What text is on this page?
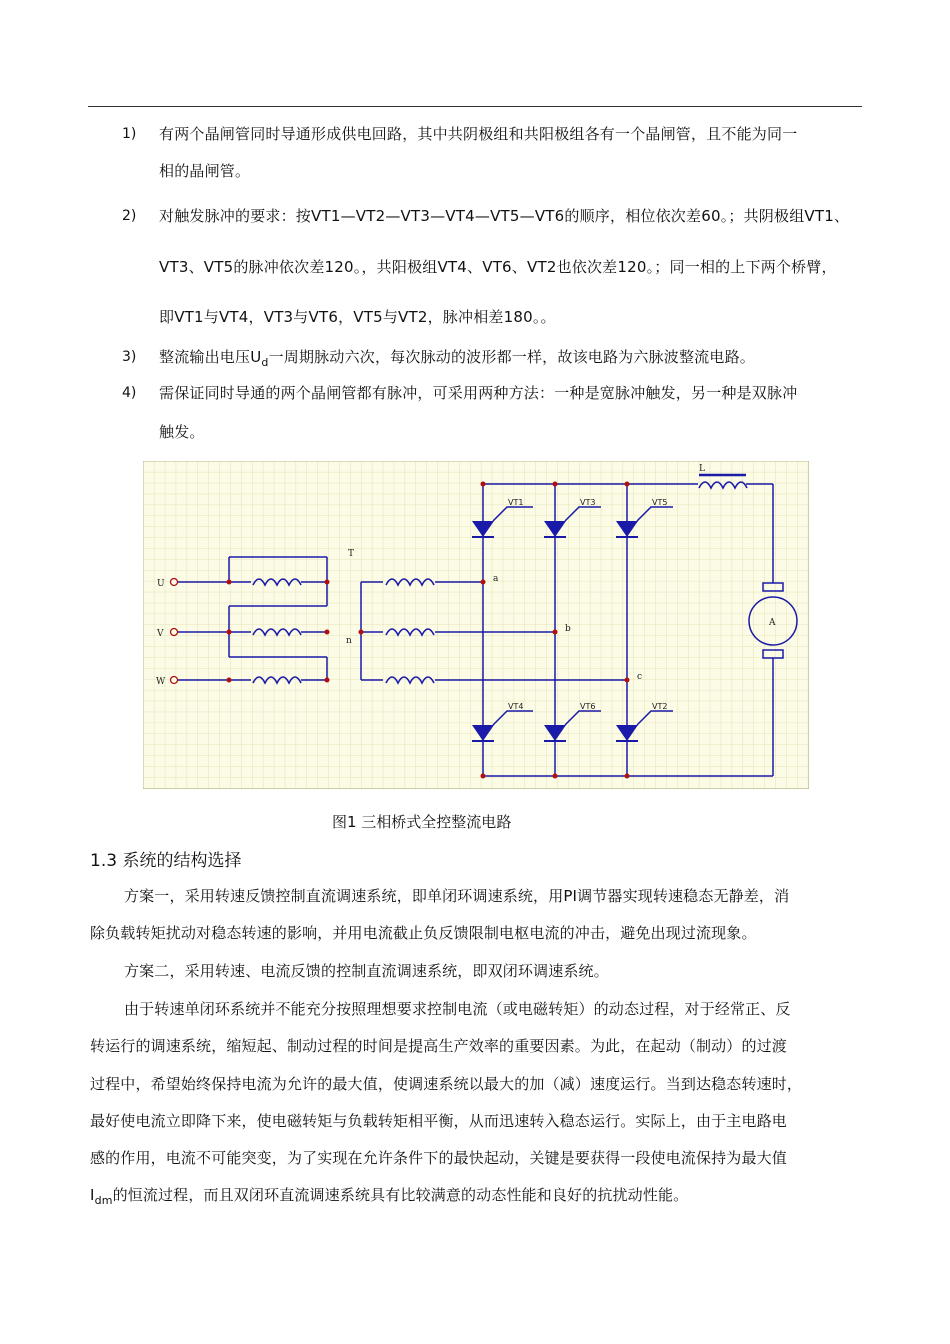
1) 有两个晶闸管同时导通形成供电回路，其中共阴极组和共阳极组各有一个晶闸管，且不能为同一
相的晶闸管。
2) 对触发脉冲的要求：按VT1—VT2—VT3—VT4—VT5—VT6的顺序，相位依次差60。；共阴极组VT1、
VT3、VT5的脉冲依次差120。，共阳极组VT4、VT6、VT2也依次差120。；同一相的上下两个桥臂，
即VT1与VT4，VT3与VT6，VT5与VT2，脉冲相差180。。
3) 整流输出电压$U_d$一周期脉动六次，每次脉动的波形都一样，故该电路为六脉波整流电路。
4) 需保证同时导通的两个晶闸管都有脉冲，可采用两种方法：一种是宽脉冲触发，另一种是双脉冲
触发。
U
V
W
T
n
a
b
c
L
A
VT1	VT3	VT5
VT4	VT6	VT2
图1 三相桥式全控整流电路
1.3 系统的结构选择
方案一，采用转速反馈控制直流调速系统，即单闭环调速系统，用PI调节器实现转速稳态无静差，消
除负载转矩扰动对稳态转速的影响，并用电流截止负反馈限制电枢电流的冲击，避免出现过流现象。
方案二，采用转速、电流反馈的控制直流调速系统，即双闭环调速系统。
由于转速单闭环系统并不能充分按照理想要求控制电流（或电磁转矩）的动态过程，对于经常正、反
转运行的调速系统，缩短起、制动过程的时间是提高生产效率的重要因素。为此，在起动（制动）的过渡
过程中，希望始终保持电流为允许的最大值，使调速系统以最大的加（减）速度运行。当到达稳态转速时，
最好使电流立即降下来，使电磁转矩与负载转矩相平衡，从而迅速转入稳态运行。实际上，由于主电路电
感的作用，电流不可能突变，为了实现在允许条件下的最快起动，关键是要获得一段使电流保持为最大值
$I_{dm}$的恒流过程，而且双闭环直流调速系统具有比较满意的动态性能和良好的抗扰动性能。
